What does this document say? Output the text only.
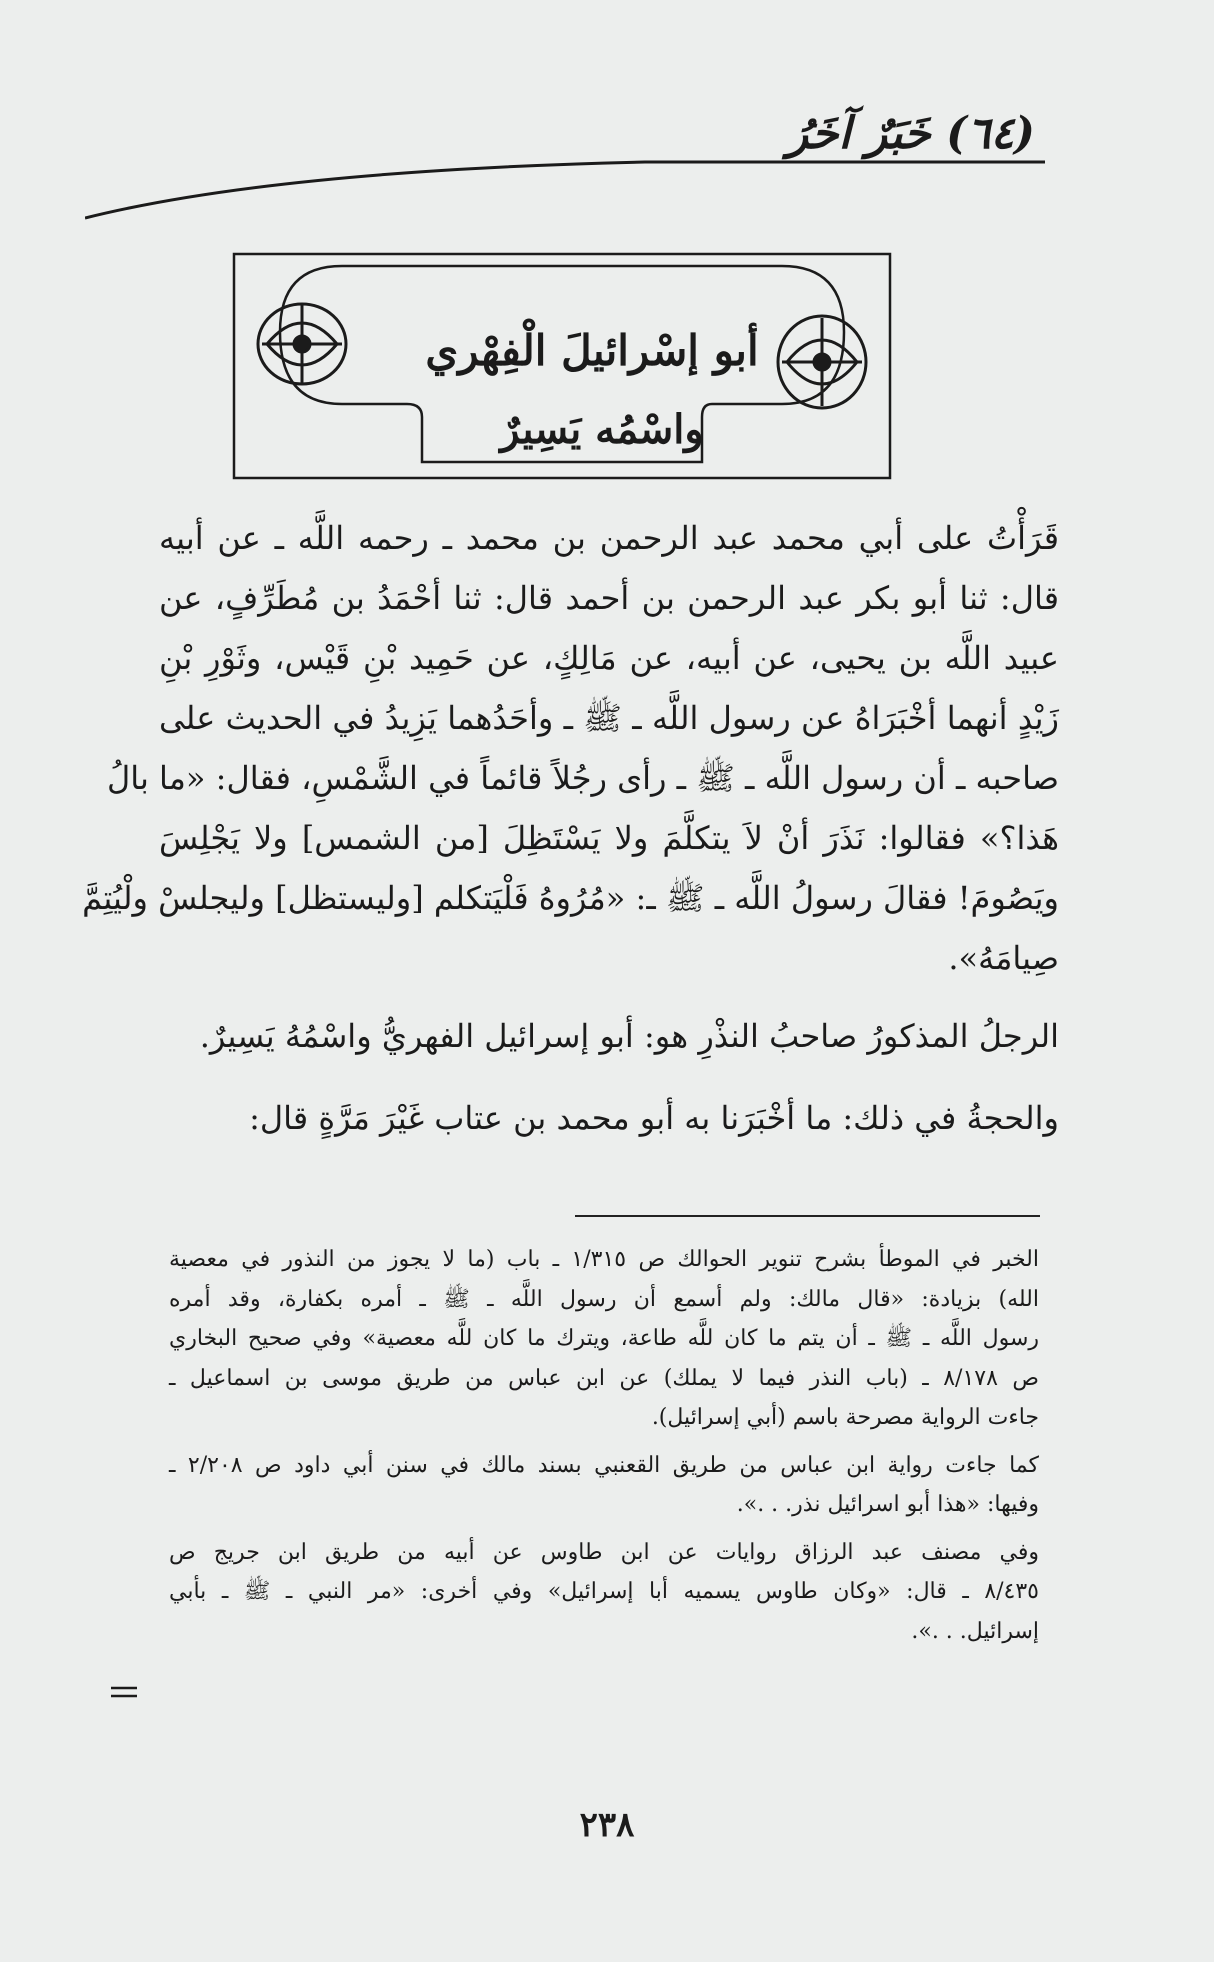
(٦٤) خَبَرٌ آخَرُ
أبو إسْرائيلَ الْفِهْري
واسْمُه يَسِيرٌ
قَرَأْتُ على أبي محمد عبد الرحمن بن محمد ـ رحمه اللَّه ـ عن أبيه
قال: ثنا أبو بكر عبد الرحمن بن أحمد قال: ثنا أحْمَدُ بن مُطَرِّفٍ، عن
عبيد اللَّه بن يحيى، عن أبيه، عن مَالِكٍ، عن حَمِيد بْنِ قَيْس، وثَوْرِ بْنِ
زَيْدٍ أنهما أخْبَرَاهُ عن رسول اللَّه ـ ﷺ ـ وأحَدُهما يَزِيدُ في الحديث على
صاحبه ـ أن رسول اللَّه ـ ﷺ ـ رأى رجُلاً قائماً في الشَّمْسِ، فقال: «ما بالُ
هَذا؟» فقالوا: نَذَرَ أنْ لاَ يتكلَّمَ ولا يَسْتَظِلَ [من الشمس] ولا يَجْلِسَ
ويَصُومَ! فقالَ رسولُ اللَّه ـ ﷺ ـ: «مُرُوهُ فَلْيَتكلم [وليستظل] وليجلسْ ولْيُتِمَّ
صِيامَهُ».
الرجلُ المذكورُ صاحبُ النذْرِ هو: أبو إسرائيل الفهريُّ واسْمُهُ يَسِيرٌ.
والحجةُ في ذلك: ما أخْبَرَنا به أبو محمد بن عتاب غَيْرَ مَرَّةٍ قال:
الخبر في الموطأ بشرح تنوير الحوالك ص ١/٣١٥ ـ باب (ما لا يجوز من النذور في معصية
الله) بزيادة: «قال مالك: ولم أسمع أن رسول اللَّه ـ ﷺ ـ أمره بكفارة، وقد أمره
رسول اللَّه ـ ﷺ ـ أن يتم ما كان للَّه طاعة، ويترك ما كان للَّه معصية» وفي صحيح البخاري
ص ٨/١٧٨ ـ (باب النذر فيما لا يملك) عن ابن عباس من طريق موسى بن اسماعيل ـ
جاءت الرواية مصرحة باسم (أبي إسرائيل).
كما جاءت رواية ابن عباس من طريق القعنبي بسند مالك في سنن أبي داود ص ٢/٢٠٨ ـ
وفيها: «هذا أبو اسرائيل نذر. . .».
وفي مصنف عبد الرزاق روايات عن ابن طاوس عن أبيه من طريق ابن جريج ص
٨/٤٣٥ ـ قال: «وكان طاوس يسميه أبا إسرائيل» وفي أخرى: «مر النبي ـ ﷺ ـ بأبي
إسرائيل. . .».
٢٣٨
